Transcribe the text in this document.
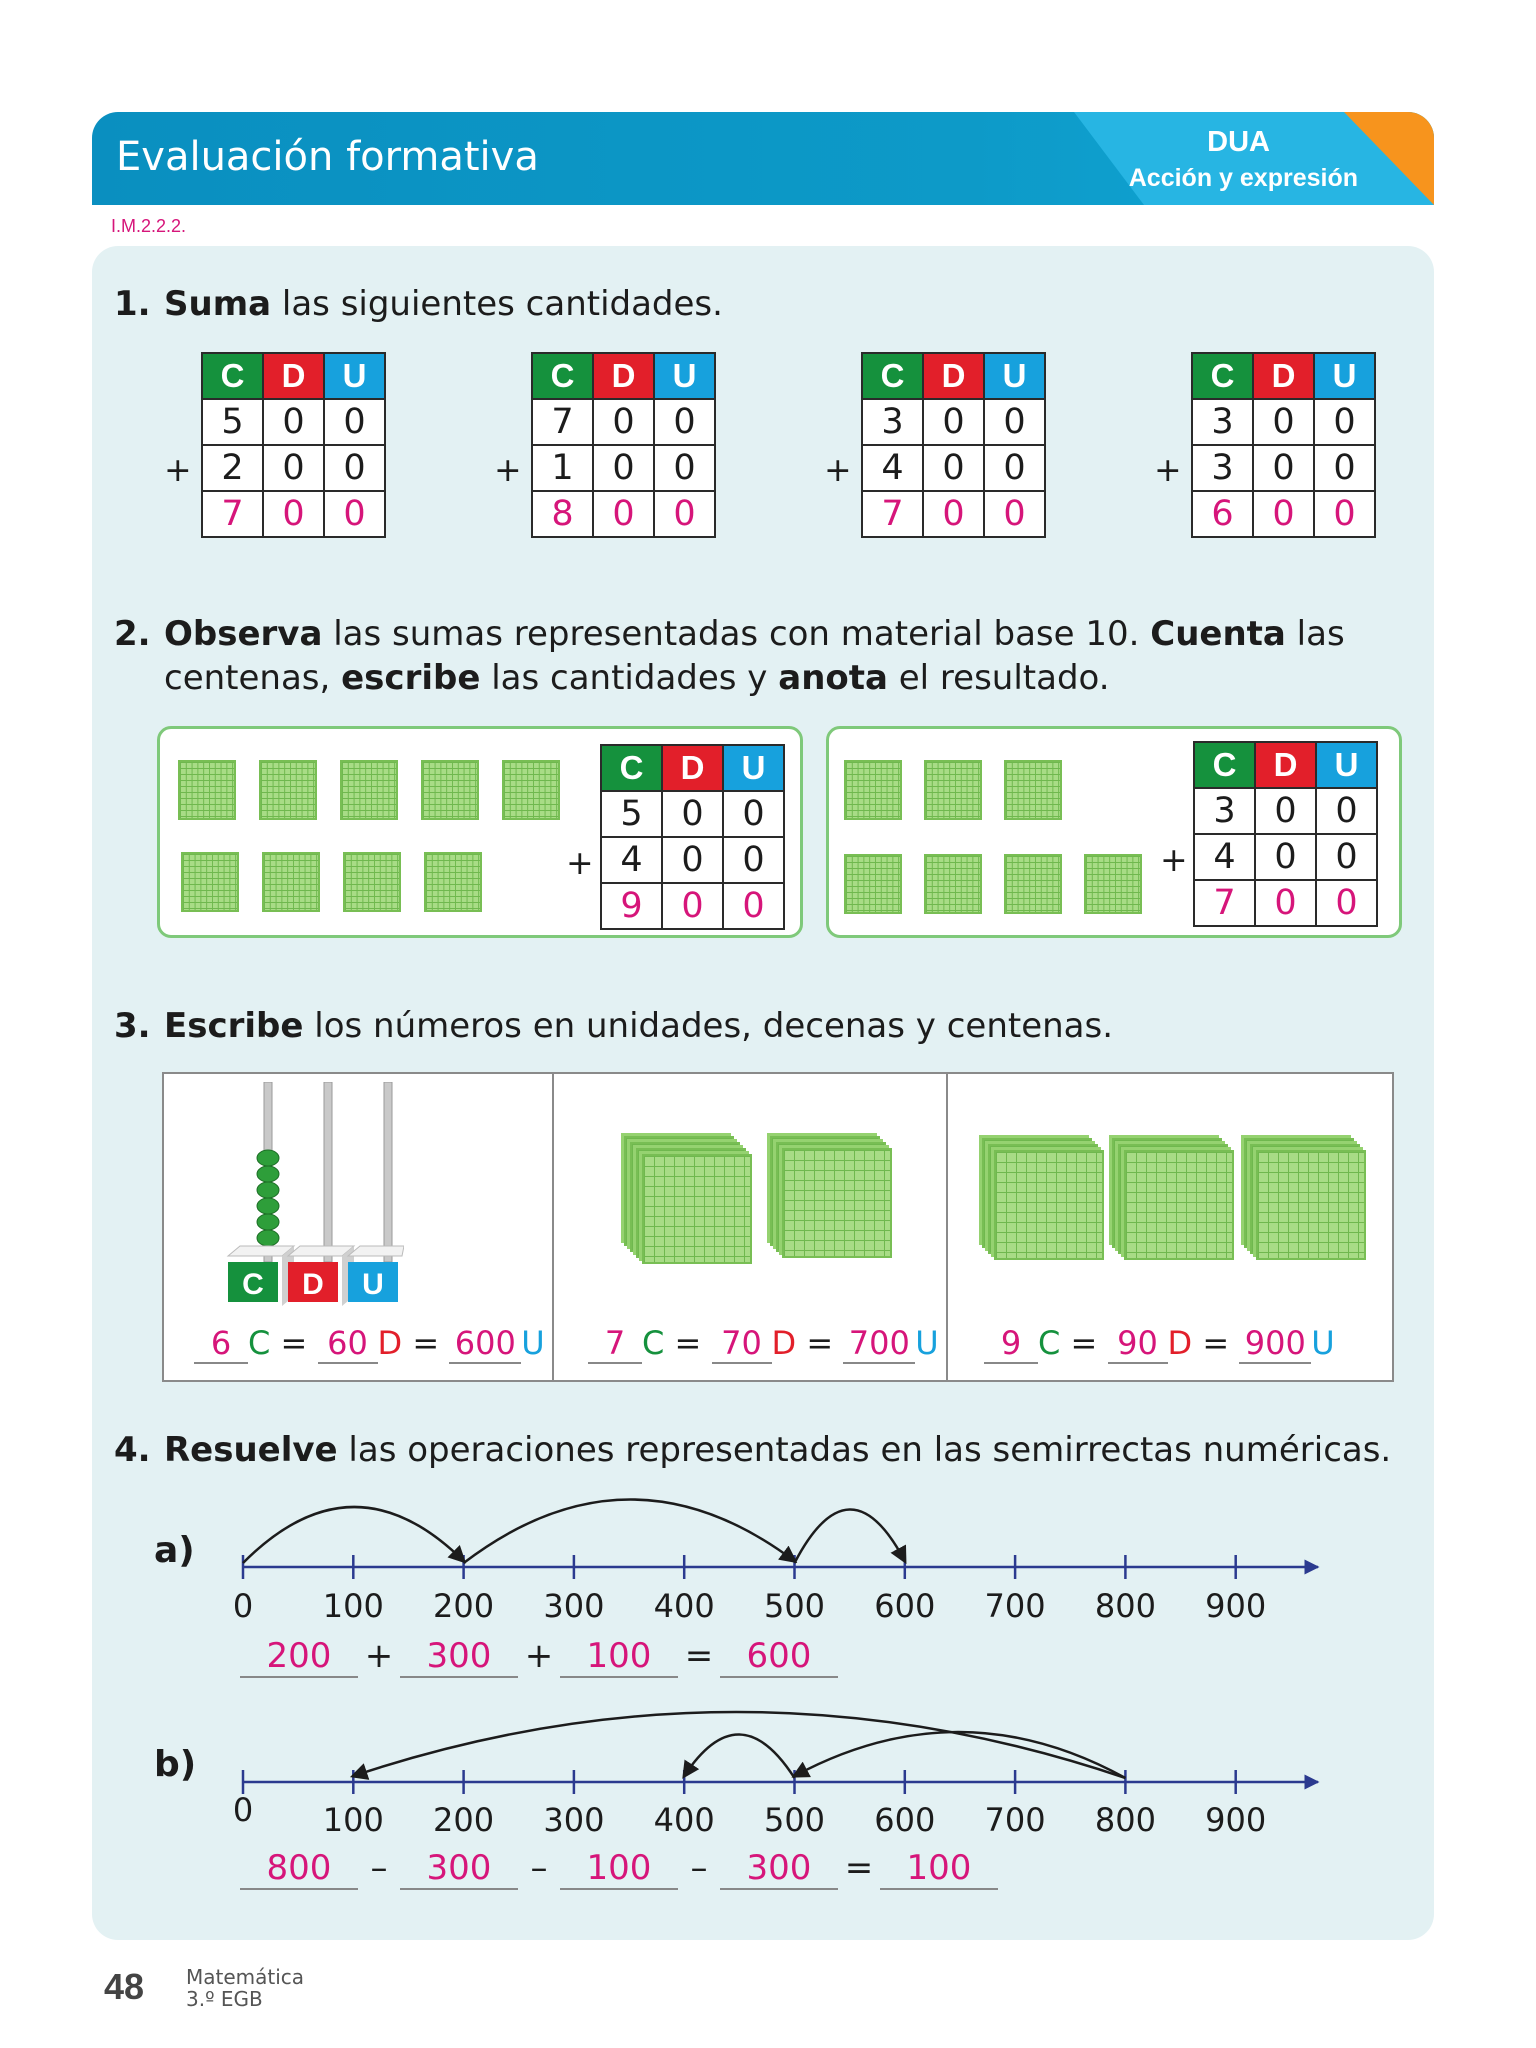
Evaluación formativa	DUA
Acción y expresión
I.M.2.2.2.
1. Suma las siguientes cantidades.
C	D	U
5	0	0
2	0	0
7	0	0
+
C	D	U
7	0	0
1	0	0
8	0	0
+
C	D	U
3	0	0
4	0	0
7	0	0
+
C	D	U
3	0	0
3	0	0
6	0	0
+
2. Observa las sumas representadas con material base 10. Cuenta las
centenas, escribe las cantidades y anota el resultado.
C	D	U
5	0	0
4	0	0
9	0	0
+
C	D	U
3	0	0
4	0	0
7	0	0
+
3. Escribe los números en unidades, decenas y centenas.
C D U
6 C = 60 D = 600 U	7 C = 70 D = 700 U	9 C = 90 D = 900 U
4. Resuelve las operaciones representadas en las semirrectas numéricas.
a)
b)
0	100 200 300 400 500 600 700 800 900
0	100 200 300 400 500 600 700 800 900
200 + 300 + 100 = 600
800 – 300 – 100 – 300 = 100
48 Matemática
3.º EGB
